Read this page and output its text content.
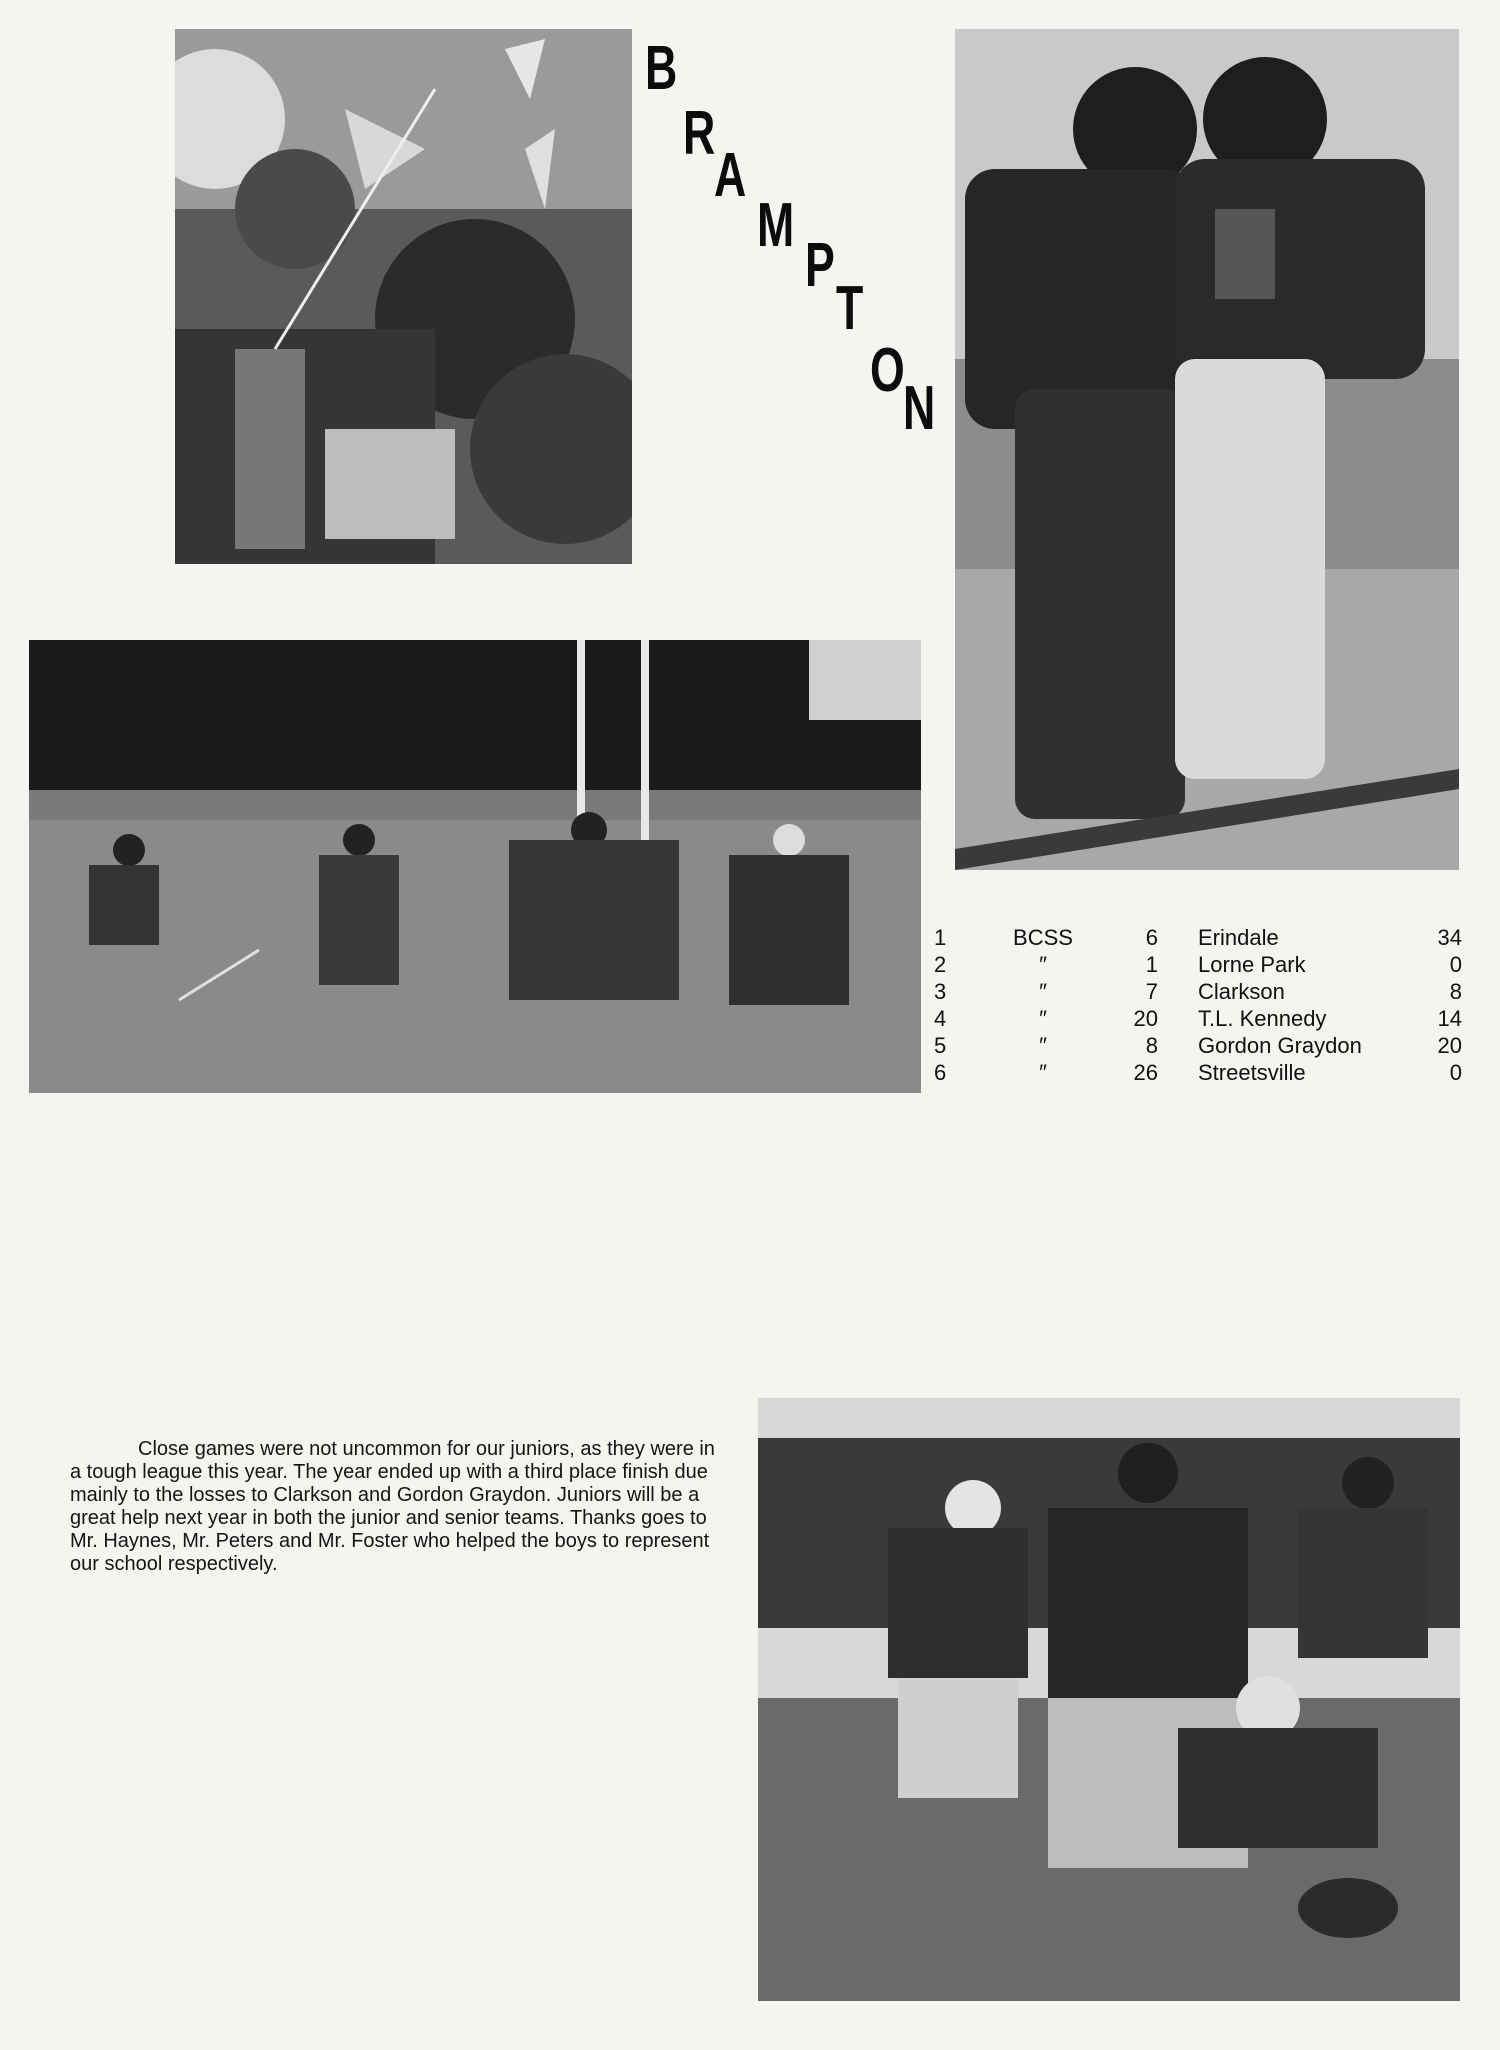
B
R
A
M
P
T
O
N
1	BCSS	6 Erindale	34
2	″	1 Lorne Park	0
3	″	7 Clarkson	8
4	″	20 T.L. Kennedy	14
5	″	8 Gordon Graydon	20
6	″	26 Streetsville	0

Close games were not uncommon for our juniors, as they were in a tough league this year. The year ended up with a third place finish due mainly to the losses to Clarkson and Gordon Graydon. Juniors will be a great help next year in both the junior and senior teams. Thanks goes to Mr. Haynes, Mr. Peters and Mr. Foster who helped the boys to represent our school respectively.
